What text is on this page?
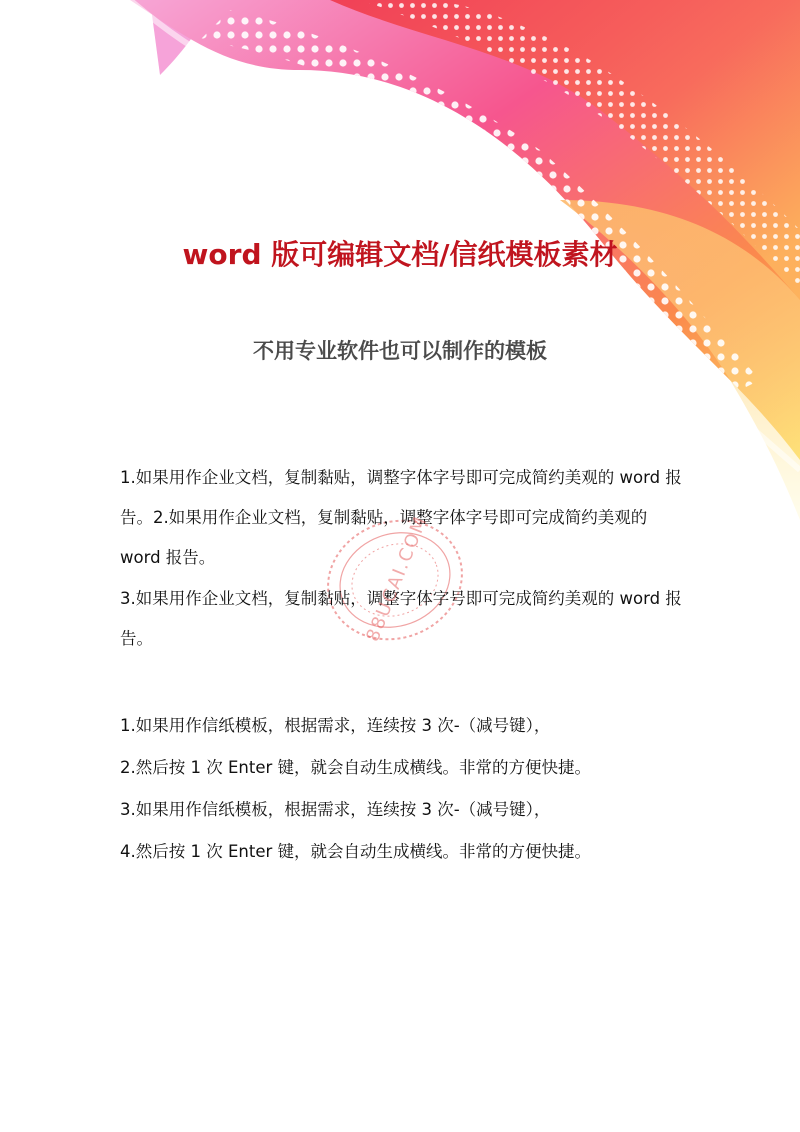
word 版可编辑文档/信纸模板素材
不用专业软件也可以制作的模板

1.如果用作企业文档，复制黏贴，调整字体字号即可完成简约美观的 word 报告。2.如果用作企业文档，复制黏贴，调整字体字号即可完成简约美观的 word 报告。

3.如果用作企业文档，复制黏贴，调整字体字号即可完成简约美观的 word 报告。

1.如果用作信纸模板，根据需求，连续按 3 次-（减号键），

2.然后按 1 次 Enter 键，就会自动生成横线。非常的方便快捷。

3.如果用作信纸模板，根据需求，连续按 3 次-（减号键），

4.然后按 1 次 Enter 键，就会自动生成横线。非常的方便快捷。

88UCAI.COM
